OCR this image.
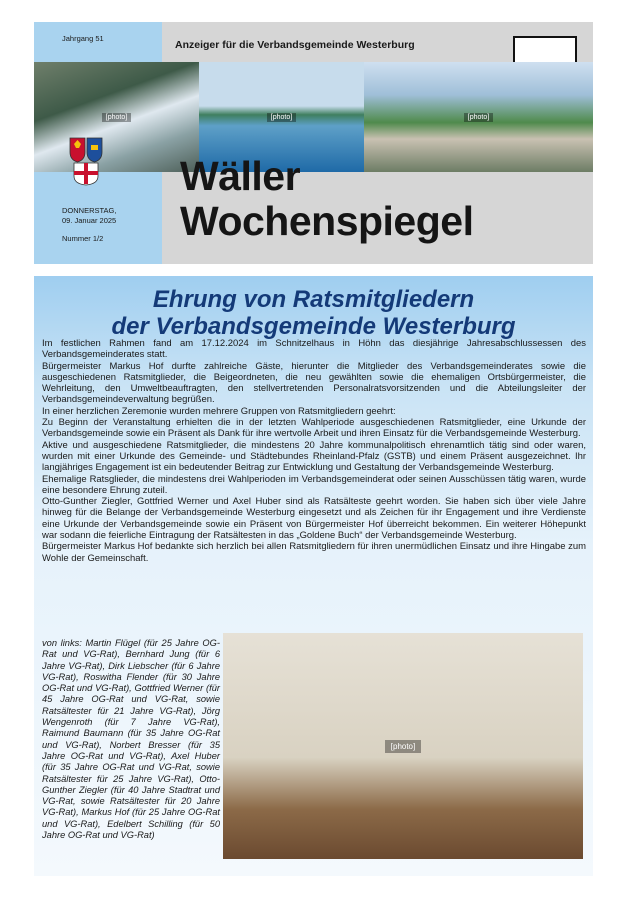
Jahrgang 51
Anzeiger für die Verbandsgemeinde Westerburg
[photo]	[photo]	[photo]
DONNERSTAG,
09. Januar 2025
Nummer 1/2
Wäller
Wochenspiegel
Ehrung von Ratsmitgliedern
der Verbandsgemeinde Westerburg

Im festlichen Rahmen fand am 17.12.2024 im Schnitzelhaus in Höhn das diesjährige Jahresabschlussessen des Verbandsgemeinderates statt.

Bürgermeister Markus Hof durfte zahlreiche Gäste, hierunter die Mitglieder des Verbandsgemeinderates sowie die ausgeschiedenen Ratsmitglieder, die Beigeordneten, die neu gewählten sowie die ehemaligen Ortsbürgermeister, die Wehrleitung, den Umweltbeauftragten, den stellvertretenden Personalratsvorsitzenden und die Abteilungsleiter der Verbandsgemeindeverwaltung begrüßen.

In einer herzlichen Zeremonie wurden mehrere Gruppen von Ratsmitgliedern geehrt:

Zu Beginn der Veranstaltung erhielten die in der letzten Wahlperiode ausgeschiedenen Ratsmitglieder, eine Urkunde der Verbandsgemeinde sowie ein Präsent als Dank für ihre wertvolle Arbeit und ihren Einsatz für die Verbandsgemeinde Westerburg.

Aktive und ausgeschiedene Ratsmitglieder, die mindestens 20 Jahre kommunalpolitisch ehrenamtlich tätig sind oder waren, wurden mit einer Urkunde des Gemeinde- und Städtebundes Rheinland-Pfalz (GSTB) und einem Präsent ausgezeichnet. Ihr langjähriges Engagement ist ein bedeutender Beitrag zur Entwicklung und Gestaltung der Verbandsgemeinde Westerburg.

Ehemalige Ratsglieder, die mindestens drei Wahlperioden im Verbandsgemeinderat oder seinen Ausschüssen tätig waren, wurde eine besondere Ehrung zuteil.

Otto-Gunther Ziegler, Gottfried Werner und Axel Huber sind als Ratsälteste geehrt worden. Sie haben sich über viele Jahre hinweg für die Belange der Verbandsgemeinde Westerburg eingesetzt und als Zeichen für ihr Engagement und ihre Verdienste eine Urkunde der Verbandsgemeinde sowie ein Präsent von Bürgermeister Hof überreicht bekommen. Ein weiterer Höhepunkt war sodann die feierliche Eintragung der Ratsältesten in das „Goldene Buch“ der Verbandsgemeinde Westerburg.

Bürgermeister Markus Hof bedankte sich herzlich bei allen Ratsmitgliedern für ihren unermüdlichen Einsatz und ihre Hingabe zum Wohle der Gemeinschaft.

von links: Martin Flügel (für 25 Jahre OG-Rat und VG-Rat), Bernhard Jung (für 6 Jahre VG-Rat), Dirk Liebscher (für 6 Jahre VG-Rat), Roswitha Flender (für 30 Jahre OG-Rat und VG-Rat), Gottfried Werner (für 45 Jahre OG-Rat und VG-Rat, sowie Ratsältester für 21 Jahre VG-Rat), Jörg Wengenroth (für 7 Jahre VG-Rat), Raimund Baumann (für 35 Jahre OG-Rat und VG-Rat), Norbert Bresser (für 35 Jahre OG-Rat und VG-Rat), Axel Huber (für 35 Jahre OG-Rat und VG-Rat, sowie Ratsältester für 25 Jahre VG-Rat), Otto-Gunther Ziegler (für 40 Jahre Stadtrat und VG-Rat, sowie Ratsältester für 20 Jahre VG-Rat), Markus Hof (für 25 Jahre OG-Rat und VG-Rat), Edelbert Schilling (für 50 Jahre OG-Rat und VG-Rat)
[photo]
